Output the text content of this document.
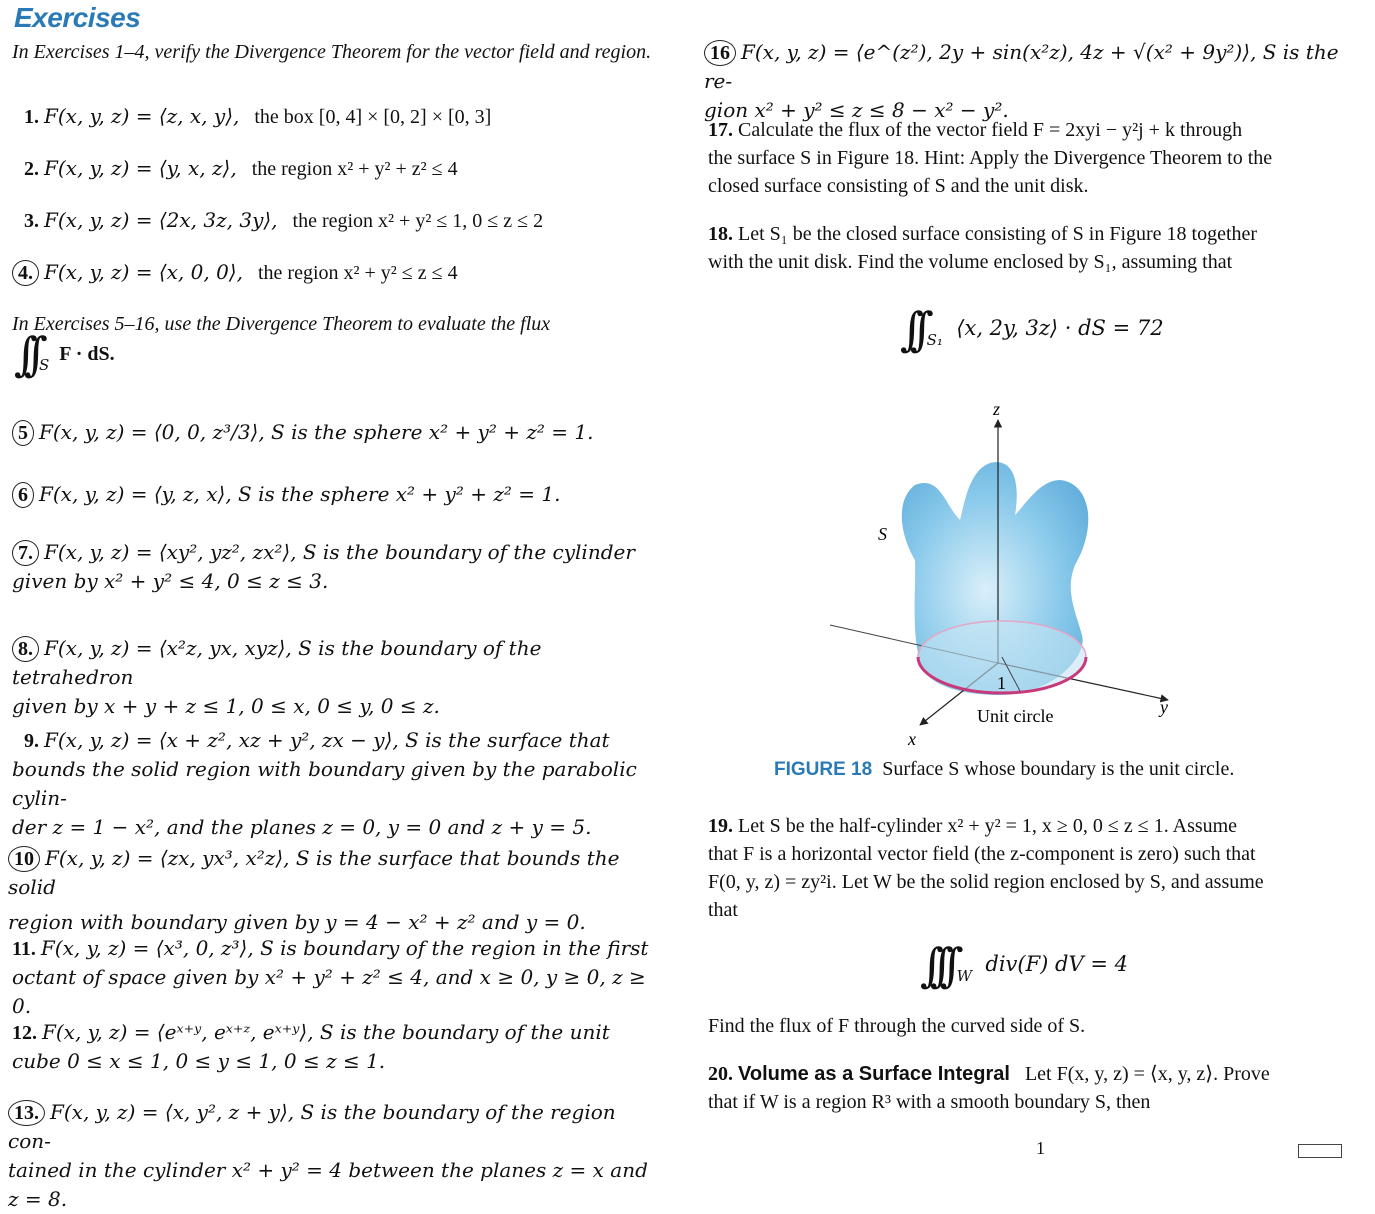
Exercises
In Exercises 1–4, verify the Divergence Theorem for the vector field and region.
1. F(x, y, z) = ⟨z, x, y⟩, the box [0, 4] × [0, 2] × [0, 3]
2. F(x, y, z) = ⟨y, x, z⟩, the region x² + y² + z² ≤ 4
3. F(x, y, z) = ⟨2x, 3z, 3y⟩, the region x² + y² ≤ 1, 0 ≤ z ≤ 2
4. F(x, y, z) = ⟨x, 0, 0⟩, the region x² + y² ≤ z ≤ 4
In Exercises 5–16, use the Divergence Theorem to evaluate the flux
∫∫ $_S$ F · dS.
5 F(x, y, z) = ⟨0, 0, z³/3⟩, S is the sphere x² + y² + z² = 1.
6 F(x, y, z) = ⟨y, z, x⟩, S is the sphere x² + y² + z² = 1.
7. F(x, y, z) = ⟨xy², yz², zx²⟩, S is the boundary of the cylinder
given by x² + y² ≤ 4, 0 ≤ z ≤ 3.
8. F(x, y, z) = ⟨x²z, yx, xyz⟩, S is the boundary of the tetrahedron
given by x + y + z ≤ 1, 0 ≤ x, 0 ≤ y, 0 ≤ z.
9. F(x, y, z) = ⟨x + z², xz + y², zx − y⟩, S is the surface that
bounds the solid region with boundary given by the parabolic cylin-
der z = 1 − x², and the planes z = 0, y = 0 and z + y = 5.
10 F(x, y, z) = ⟨zx, yx³, x²z⟩, S is the surface that bounds the solid
region with boundary given by y = 4 − x² + z² and y = 0.
11. F(x, y, z) = ⟨x³, 0, z³⟩, S is boundary of the region in the first
octant of space given by x² + y² + z² ≤ 4, and x ≥ 0, y ≥ 0, z ≥ 0.
12. F(x, y, z) = ⟨eˣ⁺ʸ, eˣ⁺ᶻ, eˣ⁺ʸ⟩, S is the boundary of the unit
cube 0 ≤ x ≤ 1, 0 ≤ y ≤ 1, 0 ≤ z ≤ 1.
13. F(x, y, z) = ⟨x, y², z + y⟩, S is the boundary of the region con-
tained in the cylinder x² + y² = 4 between the planes z = x and z = 8.
16 F(x, y, z) = ⟨e^(z²), 2y + sin(x²z), 4z + √(x² + 9y²)⟩, S is the re-
gion x² + y² ≤ z ≤ 8 − x² − y².
17. Calculate the flux of the vector field F = 2xyi − y²j + k through
the surface S in Figure 18. Hint: Apply the Divergence Theorem to the
closed surface consisting of S and the unit disk.
18. Let S₁ be the closed surface consisting of S in Figure 18 together
with the unit disk. Find the volume enclosed by S₁, assuming that
∫∫ $_{S_1}$ ⟨x, 2y, 3z⟩ · dS = 72
z
S
1
y
x
Unit circle
FIGURE 18 Surface S whose boundary is the unit circle.
19. Let S be the half-cylinder x² + y² = 1, x ≥ 0, 0 ≤ z ≤ 1. Assume
that F is a horizontal vector field (the z-component is zero) such that
F(0, y, z) = zy²i. Let W be the solid region enclosed by S, and assume
that
∫∫∫ $_W$ div(F) dV = 4
Find the flux of F through the curved side of S.
20. Volume as a Surface Integral Let F(x, y, z) = ⟨x, y, z⟩. Prove
that if W is a region R³ with a smooth boundary S, then
1
